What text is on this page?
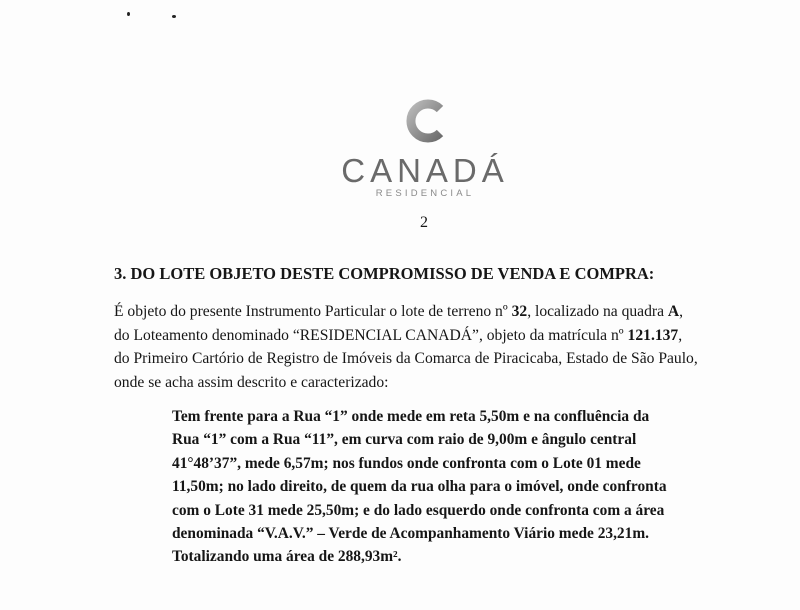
CANADÁ
RESIDENCIAL
2
3. DO LOTE OBJETO DESTE COMPROMISSO DE VENDA E COMPRA:
É objeto do presente Instrumento Particular o lote de terreno nº 32, localizado na quadra A,
do Loteamento denominado “RESIDENCIAL CANADÁ”, objeto da matrícula nº 121.137,
do Primeiro Cartório de Registro de Imóveis da Comarca de Piracicaba, Estado de São Paulo,
onde se acha assim descrito e caracterizado:
Tem frente para a Rua “1” onde mede em reta 5,50m e na confluência da
Rua “1” com a Rua “11”, em curva com raio de 9,00m e ângulo central
41°48’37”, mede 6,57m; nos fundos onde confronta com o Lote 01 mede
11,50m; no lado direito, de quem da rua olha para o imóvel, onde confronta
com o Lote 31 mede 25,50m; e do lado esquerdo onde confronta com a área
denominada “V.A.V.” – Verde de Acompanhamento Viário mede 23,21m.
Totalizando uma área de 288,93m².
